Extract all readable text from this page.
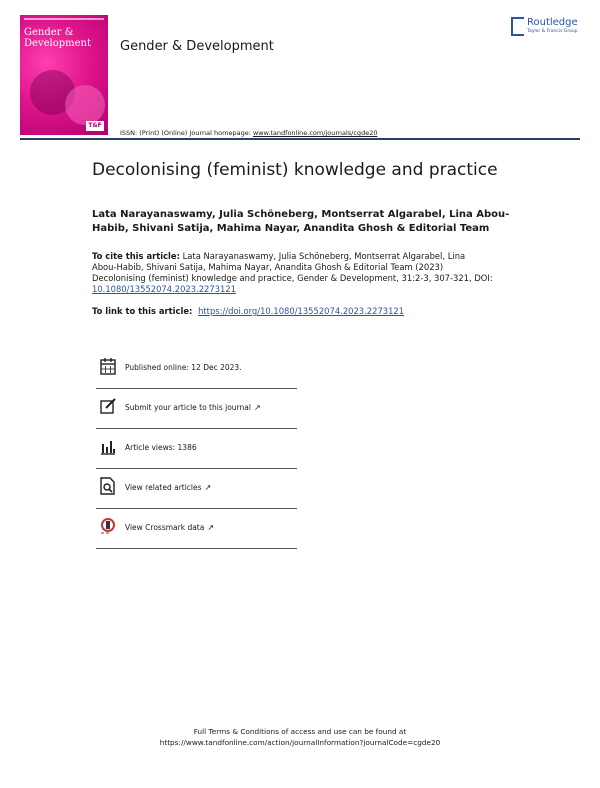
Gender &
Development
T&F
Gender & Development
Routledge
Taylor & Francis Group
ISSN: (Print) (Online) Journal homepage: www.tandfonline.com/journals/cgde20
Decolonising (feminist) knowledge and practice
Lata Narayanaswamy, Julia Schöneberg, Montserrat Algarabel, Lina Abou-
Habib, Shivani Satija, Mahima Nayar, Anandita Ghosh & Editorial Team
To cite this article: Lata Narayanaswamy, Julia Schöneberg, Montserrat Algarabel, Lina
Abou-Habib, Shivani Satija, Mahima Nayar, Anandita Ghosh & Editorial Team (2023)
Decolonising (feminist) knowledge and practice, Gender & Development, 31:2-3, 307-321, DOI:
10.1080/13552074.2023.2273121
To link to this article: https://doi.org/10.1080/13552074.2023.2273121
Published online: 12 Dec 2023.
Submit your article to this journal ↗
Article views: 1386
View related articles ↗
View Crossmark data ↗
Full Terms & Conditions of access and use can be found at
https://www.tandfonline.com/action/journalInformation?journalCode=cgde20
